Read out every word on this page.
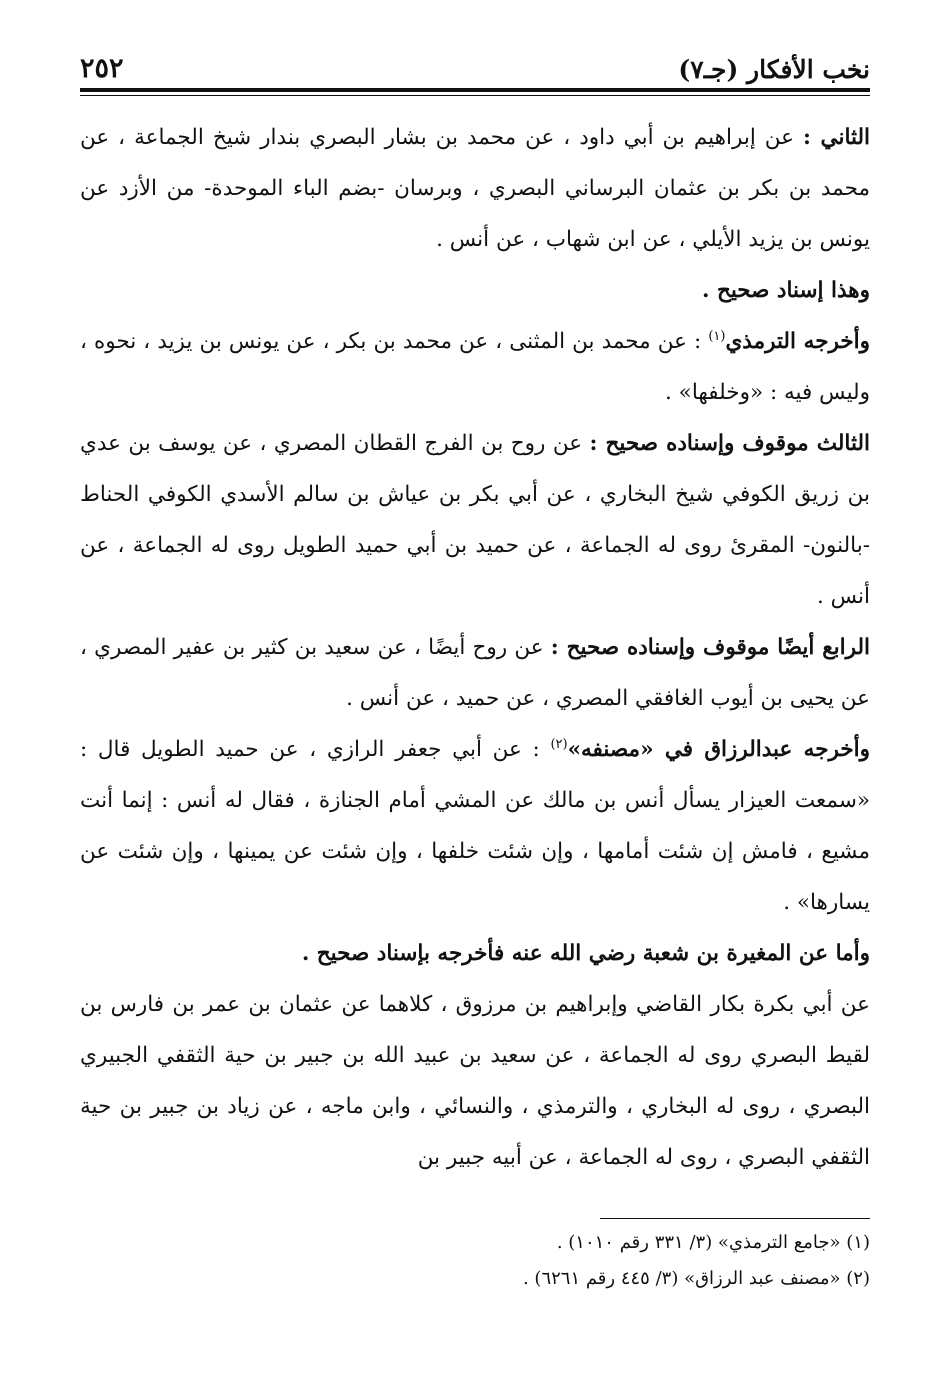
٢٥٢	نخب الأفكار (جـ٧)

الثاني : عن إبراهيم بن أبي داود ، عن محمد بن بشار البصري بندار شيخ الجماعة ، عن محمد بن بكر بن عثمان البرساني البصري ، وبرسان -بضم الباء الموحدة- من الأزد عن يونس بن يزيد الأيلي ، عن ابن شهاب ، عن أنس .

وهذا إسناد صحيح .

وأخرجه الترمذي$^{(١)}$ : عن محمد بن المثنى ، عن محمد بن بكر ، عن يونس بن يزيد ، نحوه ، وليس فيه : «وخلفها» .

الثالث موقوف وإسناده صحيح : عن روح بن الفرج القطان المصري ، عن يوسف بن عدي بن زريق الكوفي شيخ البخاري ، عن أبي بكر بن عياش بن سالم الأسدي الكوفي الحناط -بالنون- المقرئ روى له الجماعة ، عن حميد بن أبي حميد الطويل روى له الجماعة ، عن أنس .

الرابع أيضًا موقوف وإسناده صحيح : عن روح أيضًا ، عن سعيد بن كثير بن عفير المصري ، عن يحيى بن أيوب الغافقي المصري ، عن حميد ، عن أنس .

وأخرجه عبدالرزاق في «مصنفه»$^{(٢)}$ : عن أبي جعفر الرازي ، عن حميد الطويل قال : «سمعت العيزار يسأل أنس بن مالك عن المشي أمام الجنازة ، فقال له أنس : إنما أنت مشيع ، فامش إن شئت أمامها ، وإن شئت خلفها ، وإن شئت عن يمينها ، وإن شئت عن يسارها» .

وأما عن المغيرة بن شعبة رضي الله عنه فأخرجه بإسناد صحيح .

عن أبي بكرة بكار القاضي وإبراهيم بن مرزوق ، كلاهما عن عثمان بن عمر بن فارس بن لقيط البصري روى له الجماعة ، عن سعيد بن عبيد الله بن جبير بن حية الثقفي الجبيري البصري ، روى له البخاري ، والترمذي ، والنسائي ، وابن ماجه ، عن زياد بن جبير بن حية الثقفي البصري ، روى له الجماعة ، عن أبيه جبير بن

(١) «جامع الترمذي» (٣/ ٣٣١ رقم ١٠١٠) .
(٢) «مصنف عبد الرزاق» (٣/ ٤٤٥ رقم ٦٢٦١) .
